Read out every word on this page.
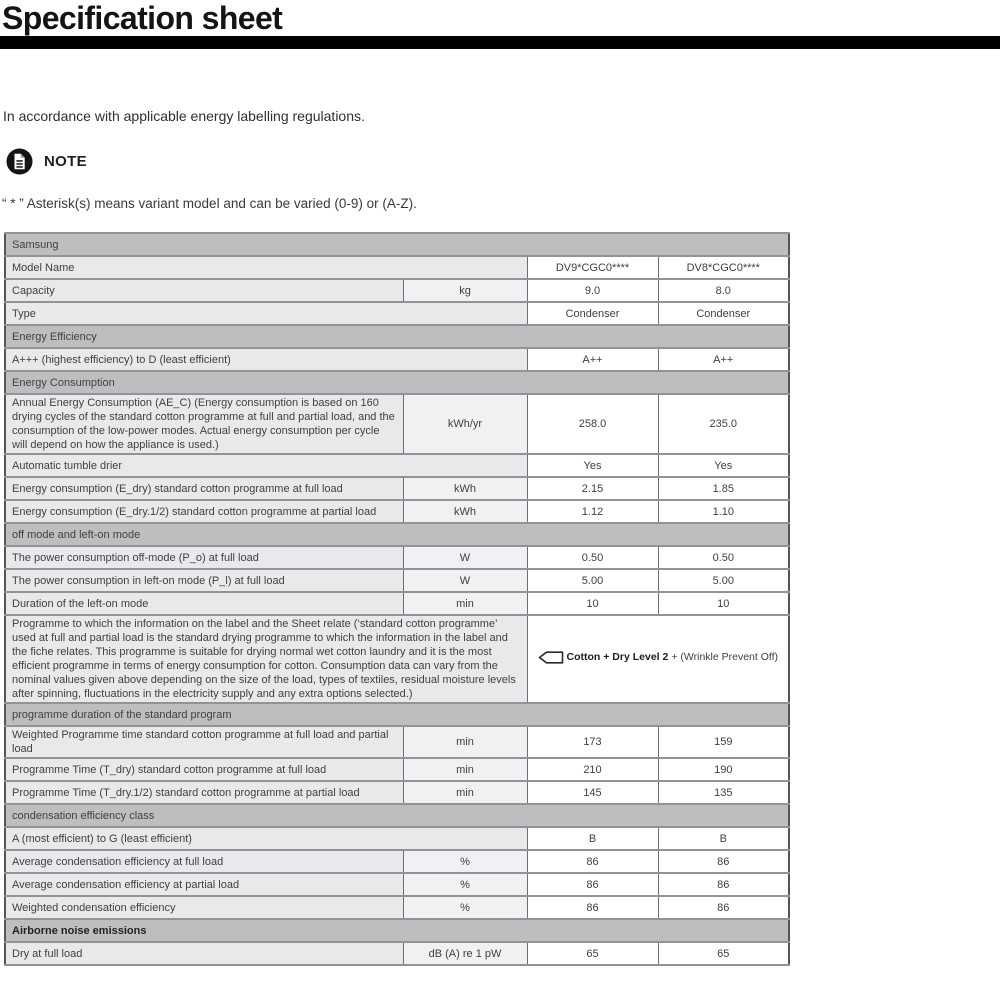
Specification sheet

In accordance with applicable energy labelling regulations.

NOTE

“ * ” Asterisk(s) means variant model and can be varied (0-9) or (A-Z).

Samsung			
Model Name		DV9*CGC0****	DV8*CGC0****
Capacity	kg	9.0	8.0
Type		Condenser	Condenser
Energy Efficiency			
A+++ (highest efficiency) to D (least efficient)		A++	A++
Energy Consumption			
Annual Energy Consumption (AE_C) (Energy consumption is based on 160 drying cycles of the standard cotton programme at full and partial load, and the consumption of the low-power modes. Actual energy consumption per cycle will depend on how the appliance is used.)	kWh/yr	258.0	235.0
Automatic tumble drier		Yes	Yes
Energy consumption (E_dry) standard cotton programme at full load	kWh	2.15	1.85
Energy consumption (E_dry.1/2) standard cotton programme at partial load	kWh	1.12	1.10
off mode and left-on mode			
The power consumption off-mode (P_o) at full load	W	0.50	0.50
The power consumption in left-on mode (P_l) at full load	W	5.00	5.00
Duration of the left-on mode	min	10	10
Programme to which the information on the label and the Sheet relate (‘standard cotton programme’ used at full and partial load is the standard drying programme to which the information in the label and the fiche relates. This programme is suitable for drying normal wet cotton laundry and it is the most efficient programme in terms of energy consumption for cotton. Consumption data can vary from the nominal values given above depending on the size of the load, types of textiles, residual moisture levels after spinning, fluctuations in the electricity supply and any extra options selected.)		Cotton + Dry Level 2 + (Wrinkle Prevent Off)	

programme duration of the standard program			
Weighted Programme time standard cotton programme at full load and partial load	min	173	159
Programme Time (T_dry) standard cotton programme at full load	min	210	190
Programme Time (T_dry.1/2) standard cotton programme at partial load	min	145	135
condensation efficiency class			
A (most efficient) to G (least efficient)		B	B
Average condensation efficiency at full load	%	86	86
Average condensation efficiency at partial load	%	86	86
Weighted condensation efficiency	%	86	86
Airborne noise emissions			
Dry at full load	dB (A) re 1 pW	65	65
